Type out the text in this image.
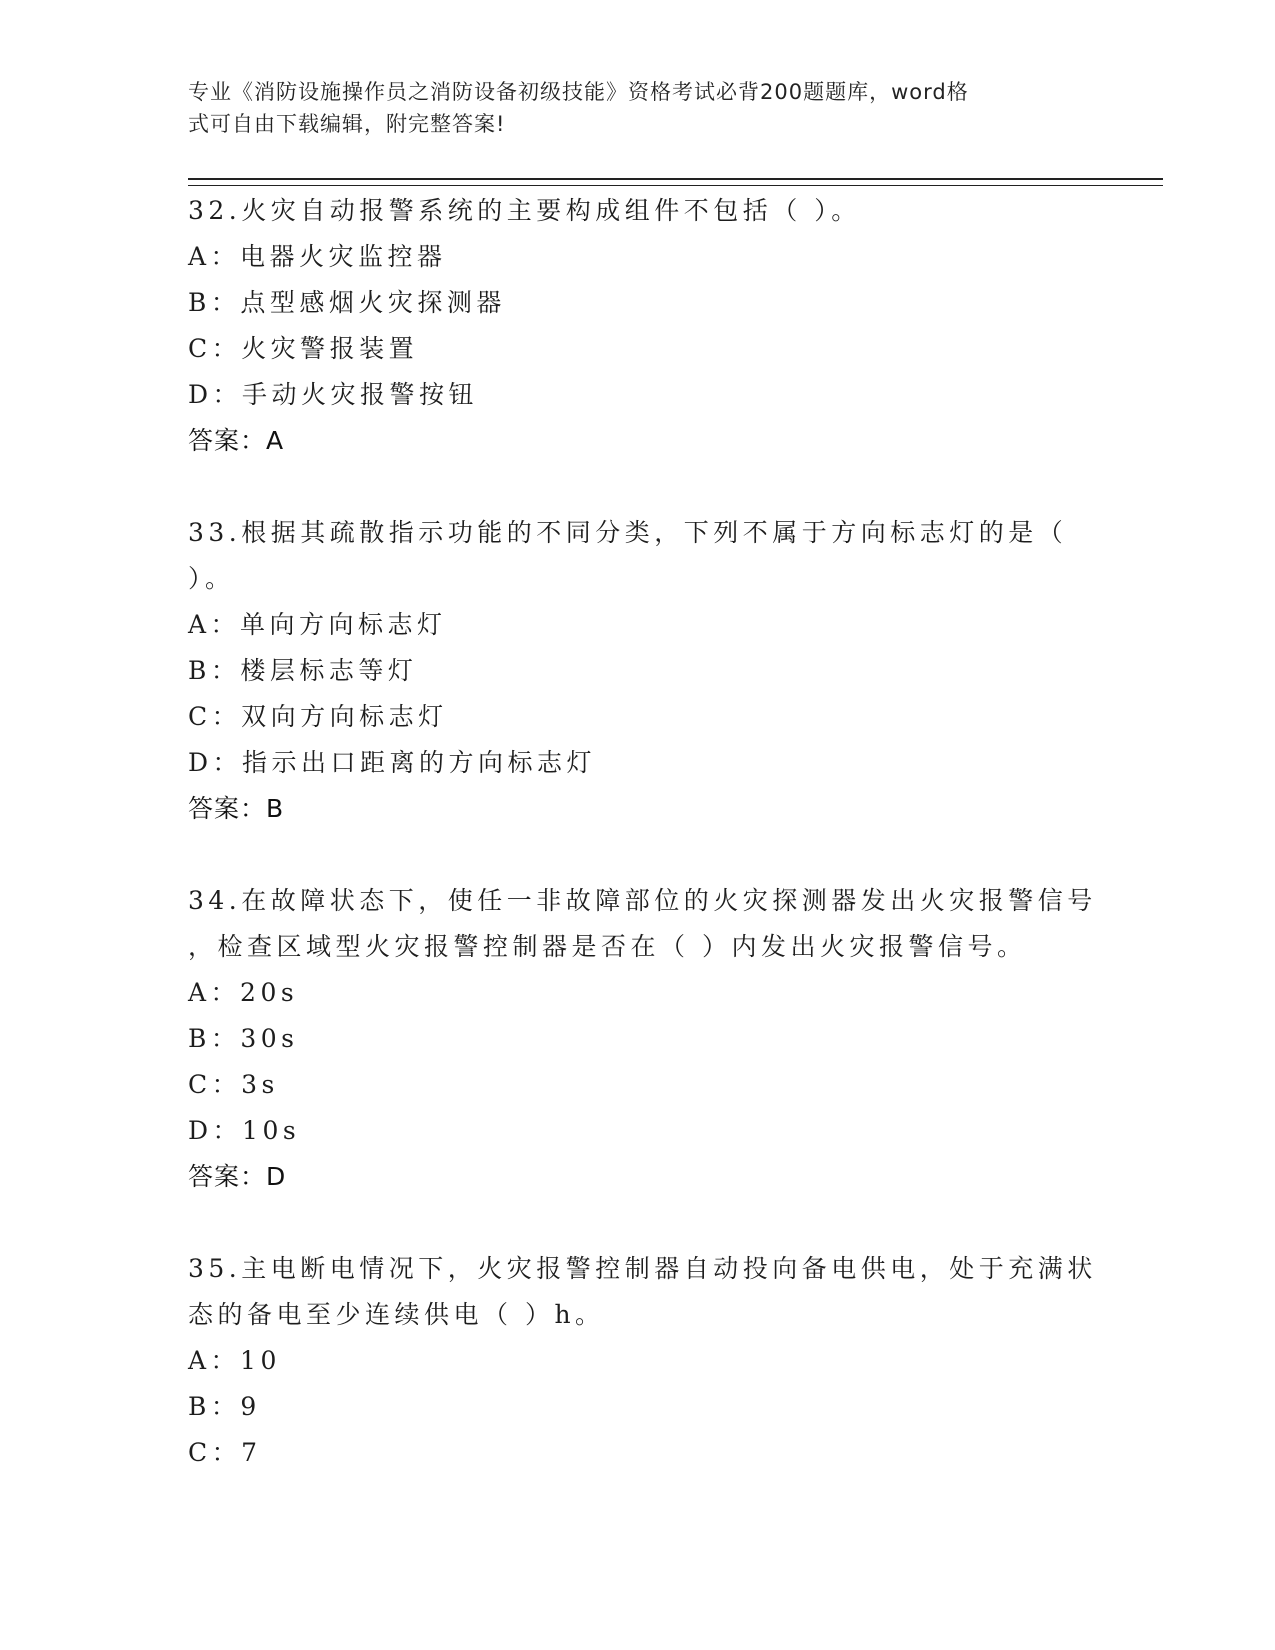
专业《消防设施操作员之消防设备初级技能》资格考试必背200题题库，word格
式可自由下载编辑，附完整答案!
32.火灾自动报警系统的主要构成组件不包括（ ）。
A：电器火灾监控器
B：点型感烟火灾探测器
C：火灾警报装置
D：手动火灾报警按钮
答案：A
33.根据其疏散指示功能的不同分类，下列不属于方向标志灯的是（
）。
A：单向方向标志灯
B：楼层标志等灯
C：双向方向标志灯
D：指示出口距离的方向标志灯
答案：B
34.在故障状态下，使任一非故障部位的火灾探测器发出火灾报警信号
，检查区域型火灾报警控制器是否在（ ）内发出火灾报警信号。
A：20s
B：30s
C：3s
D：10s
答案：D
35.主电断电情况下，火灾报警控制器自动投向备电供电，处于充满状
态的备电至少连续供电（ ）h。
A：10
B：9
C：7
